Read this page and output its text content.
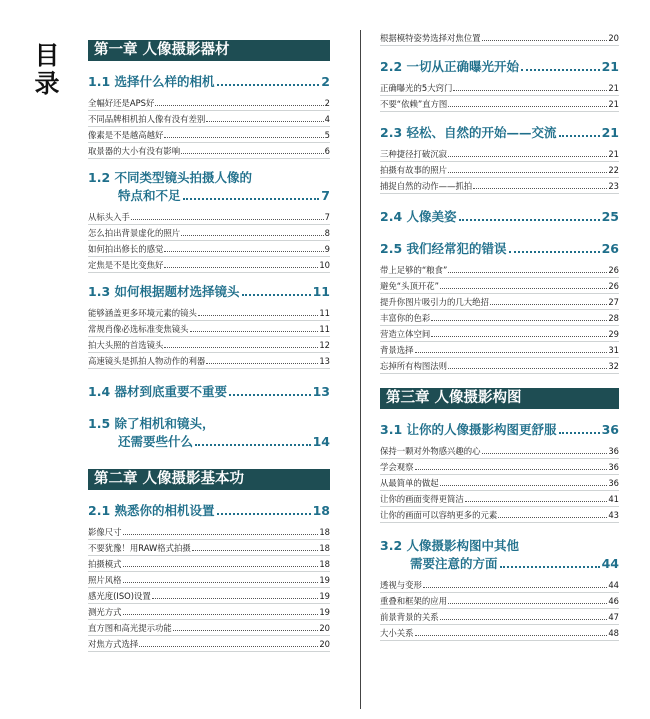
目
录
第一章 人像摄影器材
1.1 选择什么样的相机	2
全幅好还是APS好	2
不同品牌相机拍人像有没有差别	4
像素是不是越高越好	5
取景器的大小有没有影响	6
1.2 不同类型镜头拍摄人像的
特点和不足	7
从标头入手	7
怎么拍出背景虚化的照片	8
如何拍出修长的感觉	9
定焦是不是比变焦好	10
1.3 如何根据题材选择镜头	11
能够涵盖更多环境元素的镜头	11
常规肖像必选标准变焦镜头	11
拍大头照的首选镜头	12
高速镜头是抓拍人物动作的利器	13
1.4 器材到底重要不重要	13
1.5 除了相机和镜头，
还需要些什么	14
第二章 人像摄影基本功
2.1 熟悉你的相机设置	18
影像尺寸	18
不要犹豫！用RAW格式拍摄	18
拍摄模式	18
照片风格	19
感光度(ISO)设置	19
测光方式	19
直方图和高光提示功能	20
对焦方式选择	20
根据模特姿势选择对焦位置	20
2.2 一切从正确曝光开始	21
正确曝光的5大窍门	21
不要“依赖”直方图	21
2.3 轻松、自然的开始——交流	21
三种捷径打破沉寂	21
拍摄有故事的照片	22
捕捉自然的动作——抓拍	23
2.4 人像美姿	25
2.5 我们经常犯的错误	26
带上足够的“粮食”	26
避免“头顶开花”	26
提升你图片吸引力的几大绝招	27
丰富你的色彩	28
营造立体空间	29
背景选择	31
忘掉所有构图法则	32
第三章 人像摄影构图
3.1 让你的人像摄影构图更舒服	36
保持一颗对外物感兴趣的心	36
学会观察	36
从最简单的做起	36
让你的画面变得更简洁	41
让你的画面可以容纳更多的元素	43
3.2 人像摄影构图中其他
需要注意的方面	44
透视与变形	44
重叠和框架的应用	46
前景背景的关系	47
大小关系	48
